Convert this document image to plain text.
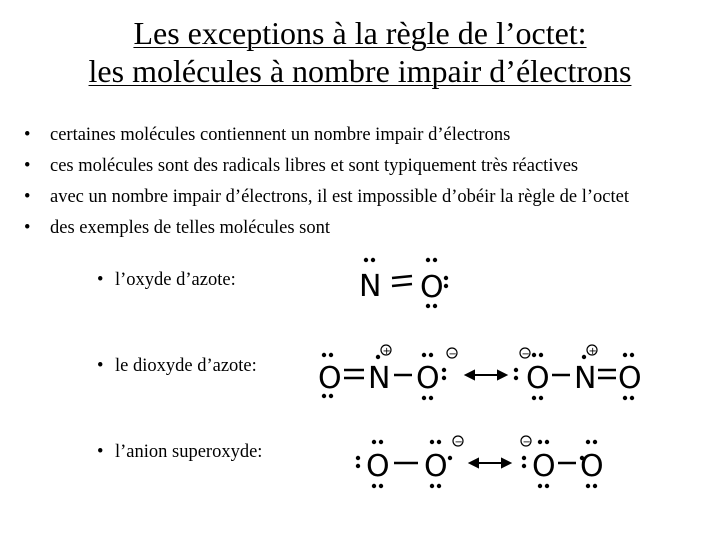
Les exceptions à la règle de l’octet:
les molécules à nombre impair d’électrons
• certaines molécules contiennent un nombre impair d’électrons
• ces molécules sont des radicals libres et sont typiquement très réactives
• avec un nombre impair d’électrons, il est impossible d’obéir la règle de l’octet
• des exemples de telles molécules sont
• l’oxyde d’azote:
• le dioxyde d’azote:
• l’anion superoxyde:
N O
O N
+
O
−	−
O N
+
O
O O
−	−
O O
